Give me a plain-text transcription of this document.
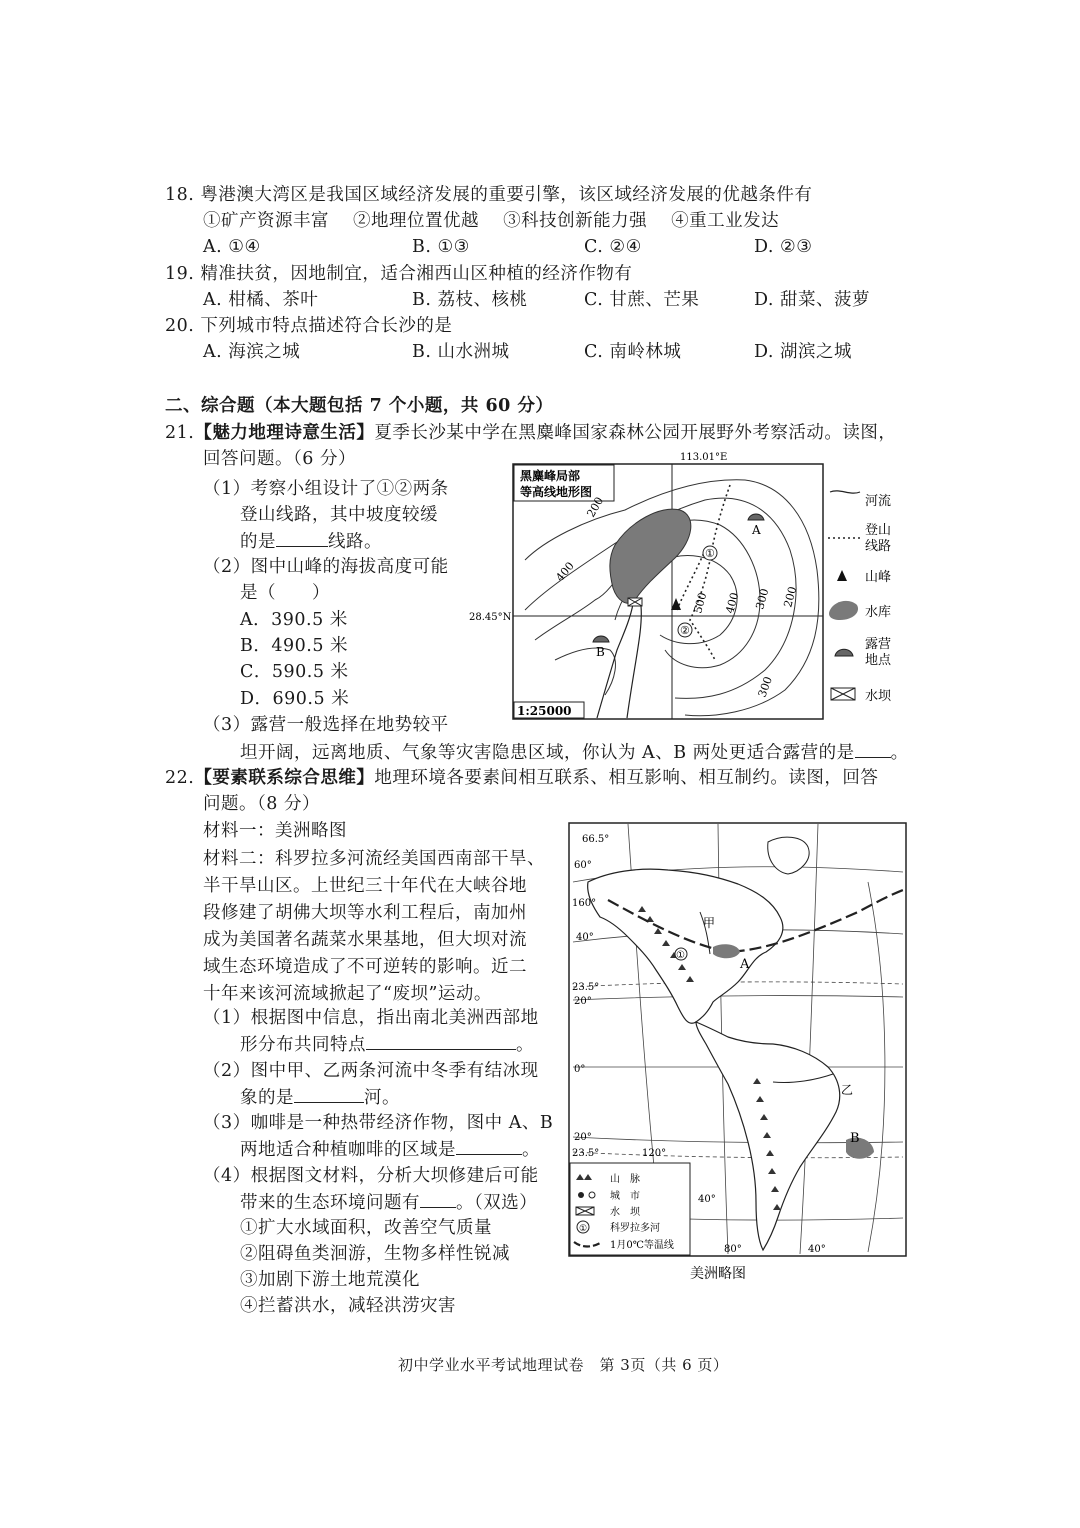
18. 粤港澳大湾区是我国区域经济发展的重要引擎，该区域经济发展的优越条件有
①矿产资源丰富　 ②地理位置优越　 ③科技创新能力强　 ④重工业发达
A. ①④	B. ①③	C. ②④	D. ②③
19. 精准扶贫，因地制宜，适合湘西山区种植的经济作物有
A. 柑橘、茶叶	B. 荔枝、核桃	C. 甘蔗、芒果	D. 甜菜、菠萝
20. 下列城市特点描述符合长沙的是
A. 海滨之城	B. 山水洲城	C. 南岭林城	D. 湖滨之城
二、综合题（本大题包括 7 个小题，共 60 分）
21.【魅力地理诗意生活】夏季长沙某中学在黑麋峰国家森林公园开展野外考察活动。读图，
回答问题。（6 分）
（1）考察小组设计了①②两条
登山线路，其中坡度较缓
的是	线路。
（2）图中山峰的海拔高度可能
是（　　）
A．390.5 米
B．490.5 米
C．590.5 米
D．690.5 米
（3）露营一般选择在地势较平
坦开阔，远离地质、气象等灾害隐患区域，你认为 A、B 两处更适合露营的是 。
113.01°E
28.45°N
黑麋峰局部
等高线地形图
①
②
A
B
200
400
500 400 300 200
300
1:25000
河流
登山
线路
山峰
水库
露营
地点
水坝
22.【要素联系综合思维】地理环境各要素间相互联系、相互影响、相互制约。读图，回答
问题。（8 分）
材料一：美洲略图
材料二：科罗拉多河流经美国西南部干旱、
半干旱山区。上世纪三十年代在大峡谷地
段修建了胡佛大坝等水利工程后，南加州
成为美国著名蔬菜水果基地，但大坝对流
域生态环境造成了不可逆转的影响。近二
十年来该河流域掀起了“废坝”运动。
（1）根据图中信息，指出南北美洲西部地
形分布共同特点	。
（2）图中甲、乙两条河流中冬季有结冰现
象的是	河。
（3）咖啡是一种热带经济作物，图中 A、B
两地适合种植咖啡的区域是	。
（4）根据图文材料，分析大坝修建后可能
带来的生态环境问题有 。（双选）
①扩大水域面积，改善空气质量
②阻碍鱼类洄游，生物多样性锐减
③加剧下游土地荒漠化
④拦蓄洪水，减轻洪涝灾害
A
B
甲
乙
①
66.5°
60°
160°
40°
23.5°
20°
0°
20°
23.5°	120°
40°
80°	40°
山　脉
城　市
水　坝
① 科罗拉多河
1月0℃等温线
美洲略图
初中学业水平考试地理试卷　第 3页（共 6 页）
